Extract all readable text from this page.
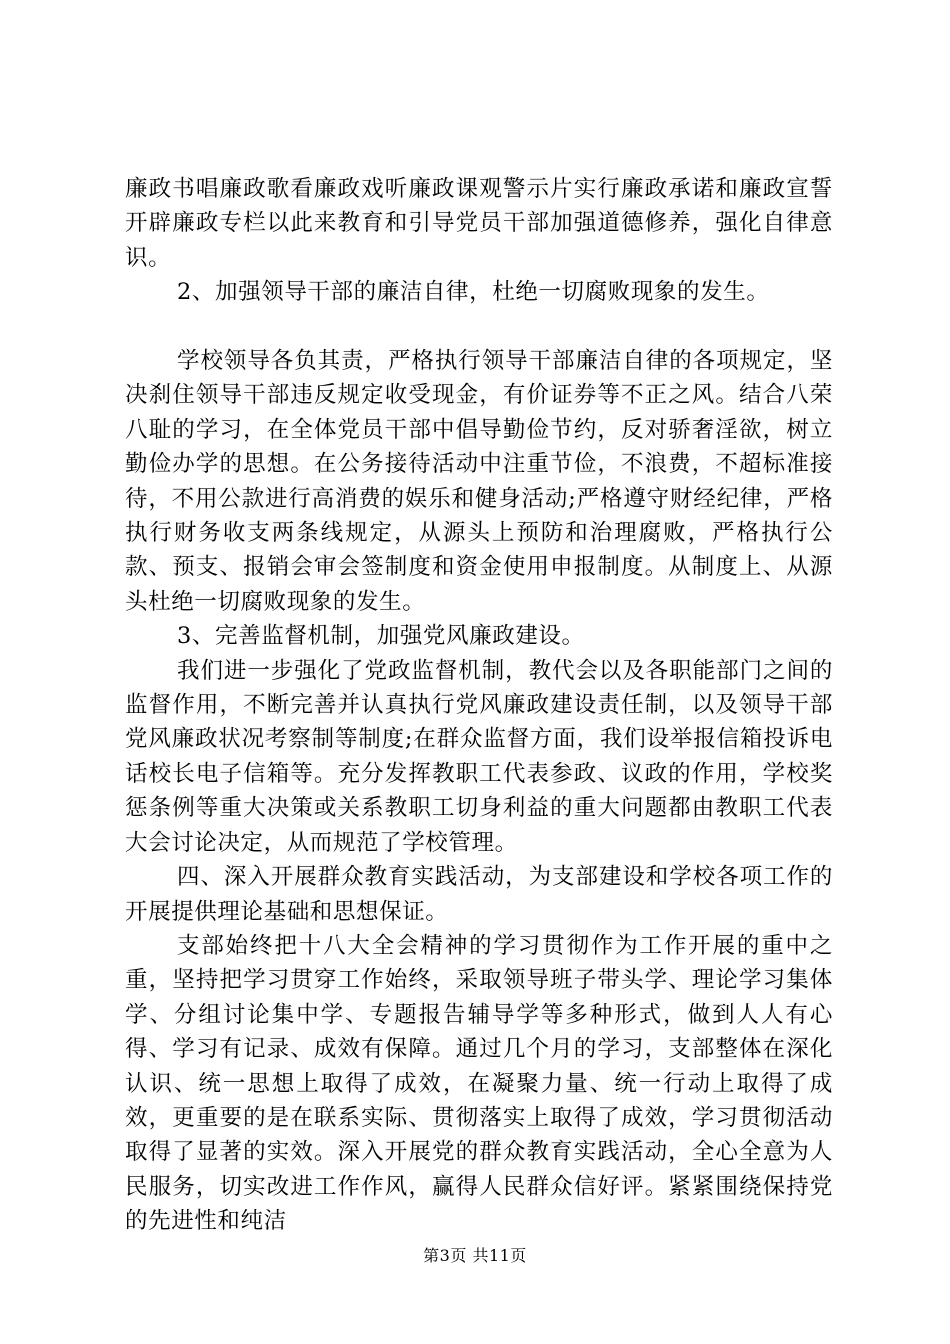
廉政书唱廉政歌看廉政戏听廉政课观警示片实行廉政承诺和廉政宣誓开辟廉政专栏以此来教育和引导党员干部加强道德修养，强化自律意识。

2、加强领导干部的廉洁自律，杜绝一切腐败现象的发生。

学校领导各负其责，严格执行领导干部廉洁自律的各项规定，坚决刹住领导干部违反规定收受现金，有价证券等不正之风。结合八荣八耻的学习，在全体党员干部中倡导勤俭节约，反对骄奢淫欲，树立勤俭办学的思想。在公务接待活动中注重节俭，不浪费，不超标准接待，不用公款进行高消费的娱乐和健身活动;严格遵守财经纪律，严格执行财务收支两条线规定，从源头上预防和治理腐败，严格执行公款、预支、报销会审会签制度和资金使用申报制度。从制度上、从源头杜绝一切腐败现象的发生。

3、完善监督机制，加强党风廉政建设。

我们进一步强化了党政监督机制，教代会以及各职能部门之间的监督作用，不断完善并认真执行党风廉政建设责任制，以及领导干部党风廉政状况考察制等制度;在群众监督方面，我们设举报信箱投诉电话校长电子信箱等。充分发挥教职工代表参政、议政的作用，学校奖惩条例等重大决策或关系教职工切身利益的重大问题都由教职工代表大会讨论决定，从而规范了学校管理。

四、深入开展群众教育实践活动，为支部建设和学校各项工作的开展提供理论基础和思想保证。

支部始终把十八大全会精神的学习贯彻作为工作开展的重中之重，坚持把学习贯穿工作始终，采取领导班子带头学、理论学习集体学、分组讨论集中学、专题报告辅导学等多种形式，做到人人有心得、学习有记录、成效有保障。通过几个月的学习，支部整体在深化认识、统一思想上取得了成效，在凝聚力量、统一行动上取得了成效，更重要的是在联系实际、贯彻落实上取得了成效，学习贯彻活动取得了显著的实效。深入开展党的群众教育实践活动，全心全意为人民服务，切实改进工作作风，赢得人民群众信好评。紧紧围绕保持党的先进性和纯洁

第3页 共11页
